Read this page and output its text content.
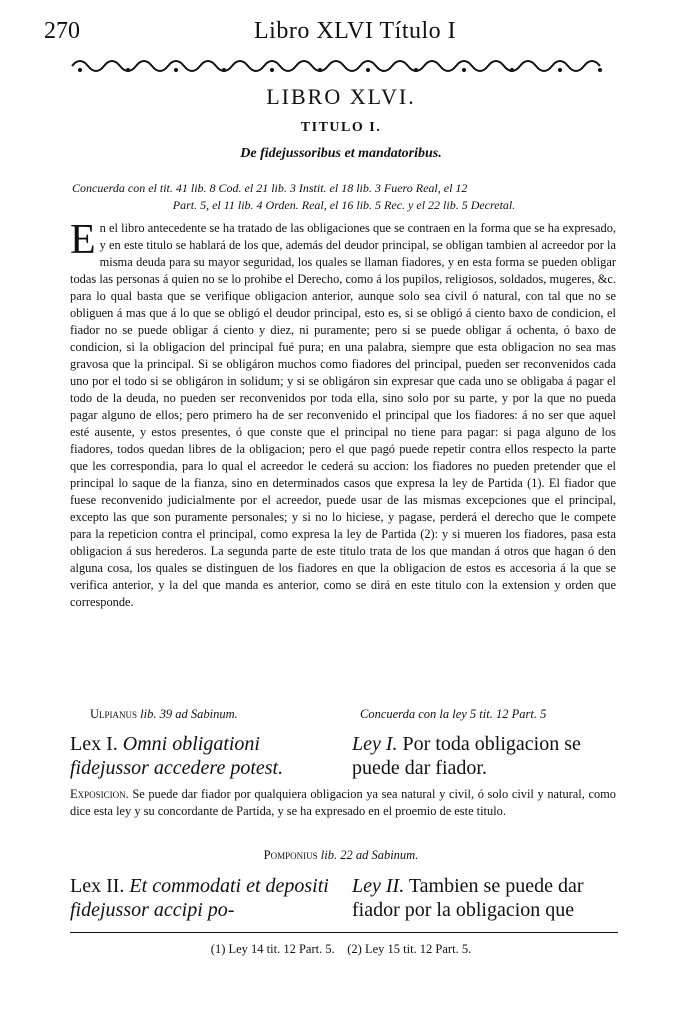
270	Libro XLVI Título I
LIBRO XLVI.
TITULO I.
De fidejussoribus et mandatoribus.
Concuerda con el tit. 41 lib. 8 Cod. el 21 lib. 3 Instit. el 18 lib. 3 Fuero Real, el 12
Part. 5, el 11 lib. 4 Orden. Real, el 16 lib. 5 Rec. y el 22 lib. 5 Decretal.
E n el libro antecedente se ha tratado de las obligaciones que se contraen en la forma que se ha expresado, y en este titulo se hablará de los que, además del deudor principal, se obligan tambien al acreedor por la misma deuda para su mayor seguridad, los quales se llaman fiadores, y en esta forma se pueden obligar todas las personas á quien no se lo prohibe el Derecho, como á los pupilos, religiosos, soldados, mugeres, &c. para lo qual basta que se verifique obligacion anterior, aunque solo sea civil ó natural, con tal que no se obliguen á mas que á lo que se obligó el deudor principal, esto es, si se obligó á ciento baxo de condicion, el fiador no se puede obligar á ciento y diez, ni puramente; pero si se puede obligar á ochenta, ó baxo de condicion, si la obligacion del principal fué pura; en una palabra, siempre que esta obligacion no sea mas gravosa que la principal. Si se obligáron muchos como fiadores del principal, pueden ser reconvenidos cada uno por el todo si se obligáron in solidum; y si se obligáron sin expresar que cada uno se obligaba á pagar el todo de la deuda, no pueden ser reconvenidos por toda ella, sino solo por su parte, y por la que no pueda pagar alguno de ellos; pero primero ha de ser reconvenido el principal que los fiadores: á no ser que aquel esté ausente, y estos presentes, ó que conste que el principal no tiene para pagar: si paga alguno de los fiadores, todos quedan libres de la obligacion; pero el que pagó puede repetir contra ellos respecto la parte que les correspondia, para lo qual el acreedor le cederá su accion: los fiadores no pueden pretender que el principal lo saque de la fianza, sino en determinados casos que expresa la ley de Partida (1). El fiador que fuese reconvenido judicialmente por el acreedor, puede usar de las mismas excepciones que el principal, excepto las que son puramente personales; y si no lo hiciese, y pagase, perderá el derecho que le compete para la repeticion contra el principal, como expresa la ley de Partida (2): y si mueren los fiadores, pasa esta obligacion á sus herederos. La segunda parte de este titulo trata de los que mandan á otros que hagan ó den alguna cosa, los quales se distinguen de los fiadores en que la obligacion de estos es accesoria á la que se verifica anterior, y la del que manda es anterior, como se dirá en este titulo con la extension y orden que corresponde.
Ulpianus lib. 39 ad Sabinum.	Concuerda con la ley 5 tit. 12 Part. 5
Lex I. Omni obligationi fidejussor accedere potest.
Ley I. Por toda obligacion se puede dar fiador.
Exposicion. Se puede dar fiador por qualquiera obligacion ya sea natural y civil, ó solo civil y natural, como dice esta ley y su concordante de Partida, y se ha expresado en el proemio de este titulo.
Pomponius lib. 22 ad Sabinum.
Lex II. Et commodati et depositi fidejussor accipi po-
Ley II. Tambien se puede dar fiador por la obligacion que
(1) Ley 14 tit. 12 Part. 5. (2) Ley 15 tit. 12 Part. 5.
